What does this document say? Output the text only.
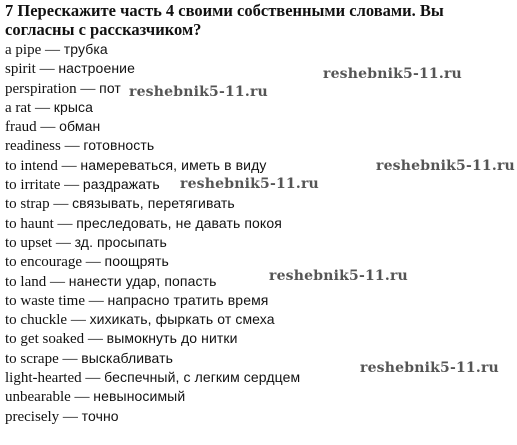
7 Перескажите часть 4 своими собственными словами. Вы согласны с рассказчиком?
a pipe — трубка
spirit — настроение
perspiration — пот
a rat — крыса
fraud — обман
readiness — готовность
to intend — намереваться, иметь в виду
to irritate — раздражать
to strap — связывать, перетягивать
to haunt — преследовать, не давать покоя
to upset — зд. просыпать
to encourage — поощрять
to land — нанести удар, попасть
to waste time — напрасно тратить время
to chuckle — хихикать, фыркать от смеха
to get soaked — вымокнуть до нитки
to scrape — выскабливать
light-hearted — беспечный, с легким сердцем
unbearable — невыносимый
precisely — точно
reshebnik5-11.ru
reshebnik5-11.ru
reshebnik5-11.ru
reshebnik5-11.ru
reshebnik5-11.ru
reshebnik5-11.ru
